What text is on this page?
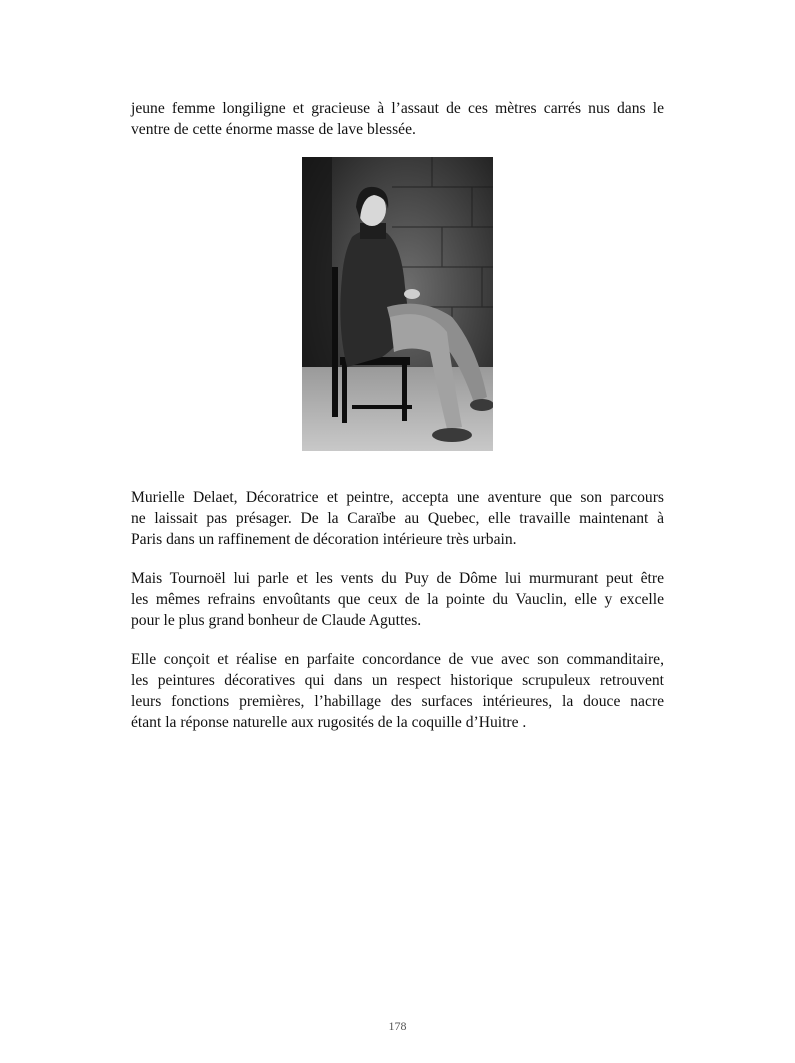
jeune femme longiligne et gracieuse à l’assaut de ces mètres carrés nus dans le
ventre de cette énorme masse de lave blessée.

Murielle Delaet, Décoratrice et peintre, accepta une aventure que son parcours
ne laissait pas présager. De la Caraïbe au Quebec, elle travaille maintenant à
Paris dans un raffinement de décoration intérieure très urbain.

Mais Tournoël lui parle et les vents du Puy de Dôme lui murmurant peut être
les mêmes refrains envoûtants que ceux de la pointe du Vauclin, elle y excelle
pour le plus grand bonheur de Claude Aguttes.

Elle conçoit et réalise en parfaite concordance de vue avec son commanditaire,
les peintures décoratives qui dans un respect historique scrupuleux retrouvent
leurs fonctions premières, l’habillage des surfaces intérieures, la douce nacre
étant la réponse naturelle aux rugosités de la coquille d’Huitre .

178
